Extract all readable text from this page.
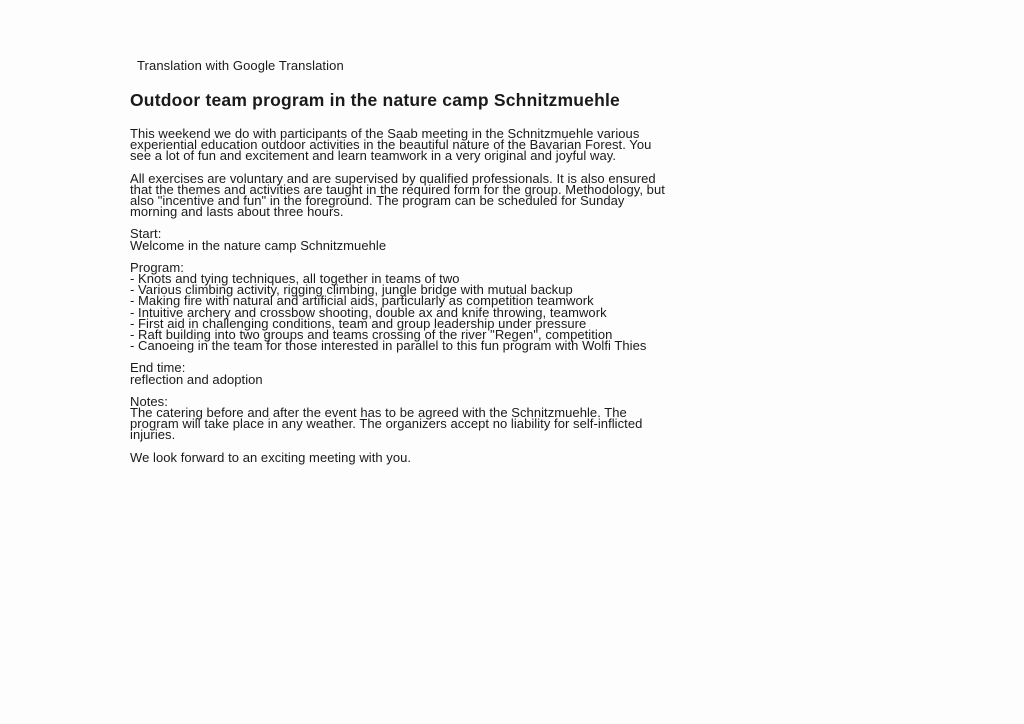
Translation with Google Translation
Outdoor team program in the nature camp Schnitzmuehle
This weekend we do with participants of the Saab meeting in the Schnitzmuehle various
experiential education outdoor activities in the beautiful nature of the Bavarian Forest. You
see a lot of fun and excitement and learn teamwork in a very original and joyful way.
All exercises are voluntary and are supervised by qualified professionals. It is also ensured
that the themes and activities are taught in the required form for the group. Methodology, but
also "incentive and fun" in the foreground. The program can be scheduled for Sunday
morning and lasts about three hours.
Start:
Welcome in the nature camp Schnitzmuehle
Program:
- Knots and tying techniques, all together in teams of two
- Various climbing activity, rigging climbing, jungle bridge with mutual backup
- Making fire with natural and artificial aids, particularly as competition teamwork
- Intuitive archery and crossbow shooting, double ax and knife throwing, teamwork
- First aid in challenging conditions, team and group leadership under pressure
- Raft building into two groups and teams crossing of the river "Regen", competition
- Canoeing in the team for those interested in parallel to this fun program with Wolfi Thies
End time:
reflection and adoption
Notes:
The catering before and after the event has to be agreed with the Schnitzmuehle. The
program will take place in any weather. The organizers accept no liability for self-inflicted
injuries.
We look forward to an exciting meeting with you.
